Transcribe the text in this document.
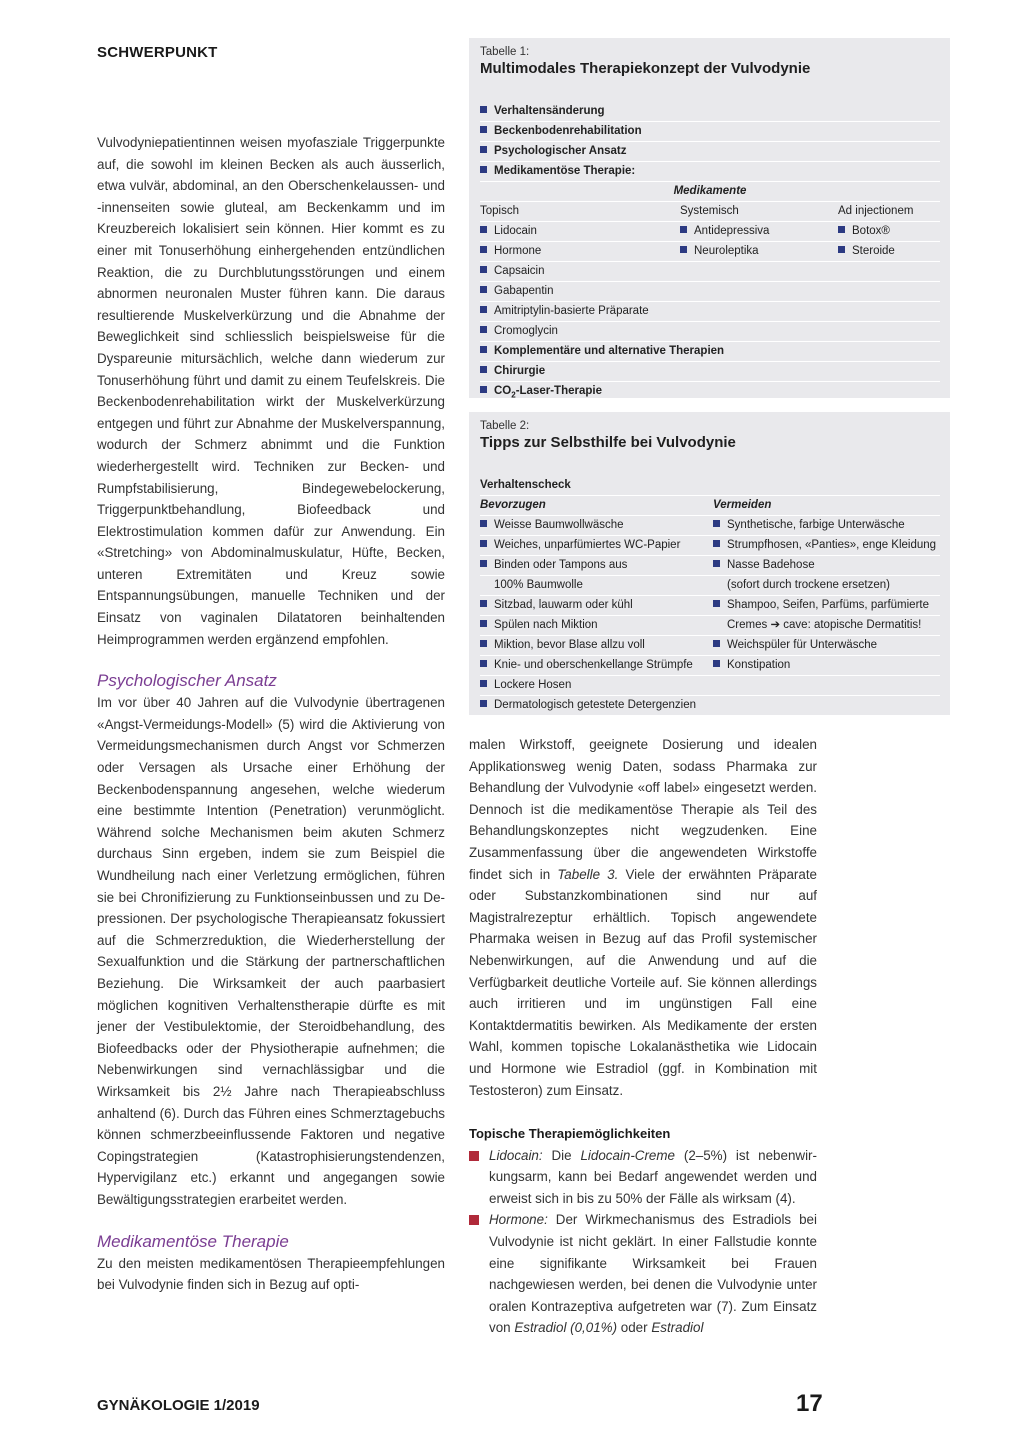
SCHWERPUNKT

Vulvodyniepatientinnen weisen myofasziale Triggerpunkte auf, die sowohl im kleinen Becken als auch äusserlich, etwa vulvär, abdominal, an den Oberschenkelaussen- und -innenseiten sowie gluteal, am Beckenkamm und im Kreuzbereich lokalisiert sein können. Hier kommt es zu einer mit Tonuserhöhung einhergehenden entzündlichen Reaktion, die zu Durchblutungsstörungen und einem abnormen neuronalen Muster führen kann. Die daraus resultierende Muskelverkürzung und die Abnahme der Beweglichkeit sind schliesslich beispielsweise für die Dyspareunie mitursächlich, welche dann wiederum zur Tonuserhöhung führt und damit zu einem Teufelskreis. Die Beckenbodenrehabilitation wirkt der Muskelverkürzung entgegen und führt zur Abnahme der Muskelverspannung, wodurch der Schmerz abnimmt und die Funktion wiederhergestellt wird. Techniken zur Becken- und Rumpfstabilisierung, Bindegewebelockerung, Triggerpunktbehandlung, Biofeedback und Elektrostimulation kommen dafür zur Anwendung. Ein «Stretching» von Abdominalmuskulatur, Hüfte, Becken, unteren Extremitäten und Kreuz sowie Entspannungsübungen, manuelle Techniken und der Einsatz von vaginalen Dilatatoren beinhaltenden Heimprogrammen werden ergänzend empfohlen.

Psychologischer Ansatz

Im vor über 40 Jahren auf die Vulvodynie übertragenen «Angst-Vermeidungs-Modell» (5) wird die Aktivierung von Vermeidungsmechanismen durch Angst vor Schmerzen oder Versagen als Ursache einer Erhöhung der Beckenbodenspannung angesehen, welche wiederum eine bestimmte Intention (Penetration) verunmöglicht. Während solche Mechanismen beim akuten Schmerz durchaus Sinn ergeben, indem sie zum Beispiel die Wundheilung nach einer Verletzung ermöglichen, führen sie bei Chronifizierung zu Funktionseinbussen und zu Depressionen. Der psychologische Therapieansatz fokussiert auf die Schmerzreduktion, die Wiederherstellung der Sexualfunktion und die Stärkung der partnerschaftlichen Beziehung. Die Wirksamkeit der auch paarbasiert möglichen kognitiven Verhaltenstherapie dürfte es mit jener der Vestibulektomie, der Steroidbehandlung, des Biofeedbacks oder der Physiotherapie aufnehmen; die Nebenwirkungen sind vernachlässigbar und die Wirksamkeit bis 2½ Jahre nach Therapieabschluss anhaltend (6). Durch das Führen eines Schmerztagebuchs können schmerzbeeinflussende Faktoren und negative Copingstrategien (Katastrophisierungstendenzen, Hypervigilanz etc.) erkannt und angegangen sowie Bewältigungsstrategien erarbeitet werden.

Medikamentöse Therapie

Zu den meisten medikamentösen Therapieempfehlungen bei Vulvodynie finden sich in Bezug auf opti-

Tabelle 1:

Multimodales Therapiekonzept der Vulvodynie

Verhaltensänderung
Beckenbodenrehabilitation
Psychologischer Ansatz
Medikamentöse Therapie:
Medikamente
Topisch	Systemisch	Ad injectionem
Lidocain	Antidepressiva	Botox®
Hormone	Neuroleptika	Steroide
Capsaicin
Gabapentin
Amitriptylin-basierte Präparate
Cromoglycin
Komplementäre und alternative Therapien
Chirurgie
$CO_2-Laser$-Therapie

Tabelle 2:

Tipps zur Selbsthilfe bei Vulvodynie

Verhaltenscheck
Bevorzugen	Vermeiden
Weisse Baumwollwäsche	Synthetische, farbige Unterwäsche
Weiches, unparfümiertes WC-Papier	Strumpfhosen, «Panties», enge Kleidung
Binden oder Tampons aus	Nasse Badehose
100% Baumwolle	(sofort durch trockene ersetzen)
Sitzbad, lauwarm oder kühl	Shampoo, Seifen, Parfüms, parfümierte
Spülen nach Miktion	Cremes ➔ cave: atopische Dermatitis!
Miktion, bevor Blase allzu voll	Weichspüler für Unterwäsche
Knie- und oberschenkellange Strümpfe	Konstipation
Lockere Hosen
Dermatologisch getestete Detergenzien

malen Wirkstoff, geeignete Dosierung und idealen Applikationsweg wenig Daten, sodass Pharmaka zur Behandlung der Vulvodynie «off label» eingesetzt werden. Dennoch ist die medikamentöse Therapie als Teil des Behandlungskonzeptes nicht wegzudenken. Eine Zusammenfassung über die angewendeten Wirkstoffe findet sich in Tabelle 3. Viele der erwähnten Präparate oder Substanzkombinationen sind nur auf Magistralrezeptur erhältlich. Topisch angewendete Pharmaka weisen in Bezug auf das Profil systemischer Nebenwirkungen, auf die Anwendung und auf die Verfügbarkeit deutliche Vorteile auf. Sie können allerdings auch irritieren und im ungünstigen Fall eine Kontaktdermatitis bewirken. Als Medikamente der ersten Wahl, kommen topische Lokalanästhetika wie Lidocain und Hormone wie Estradiol (ggf. in Kombination mit Testosteron) zum Einsatz.

Topische Therapiemöglichkeiten

Lidocain: Die Lidocain-Creme (2–5%) ist nebenwirkungsarm, kann bei Bedarf angewendet werden und erweist sich in bis zu 50% der Fälle als wirksam (4).

Hormone: Der Wirkmechanismus des Estradiols bei Vulvodynie ist nicht geklärt. In einer Fallstudie konnte eine signifikante Wirksamkeit bei Frauen nachgewiesen werden, bei denen die Vulvodynie unter oralen Kontrazeptiva aufgetreten war (7). Zum Einsatz von Estradiol (0,01%) oder Estradiol

GYNÄKOLOGIE 1/2019	17
